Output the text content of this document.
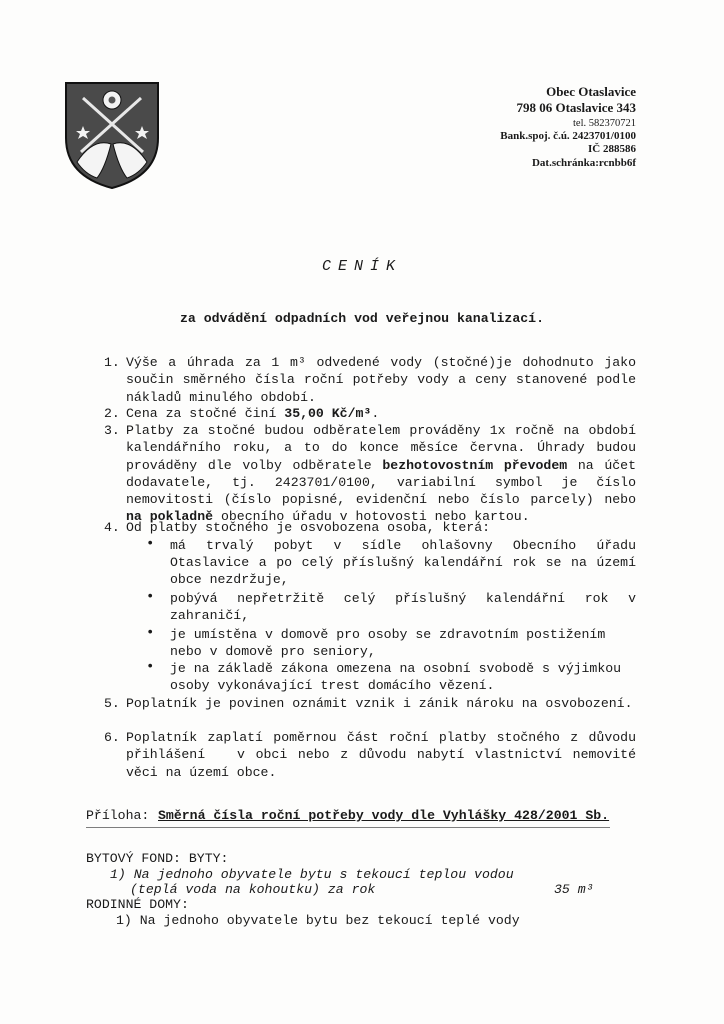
Obec Otaslavice
798 06 Otaslavice 343
tel. 582370721
Bank.spoj. č.ú. 2423701/0100
IČ 288586
Dat.schránka:rcnbb6f
CENÍK
za odvádění odpadních vod veřejnou kanalizací.
1. Výše a úhrada za 1 m³ odvedené vody (stočné)je dohodnuto jako součin směrného čísla roční potřeby vody a ceny stanovené podle nákladů minulého období.
2. Cena za stočné činí 35,00 Kč/m³.
3. Platby za stočné budou odběratelem prováděny 1x ročně na období kalendářního roku, a to do konce měsíce června. Úhrady budou prováděny dle volby odběratele bezhotovostním převodem na účet dodavatele, tj. 2423701/0100, variabilní symbol je číslo nemovitosti (číslo popisné, evidenční nebo číslo parcely) nebo na pokladně obecního úřadu v hotovosti nebo kartou.
4. Od platby stočného je osvobozena osoba, která:
• má trvalý pobyt v sídle ohlašovny Obecního úřadu Otaslavice a po celý příslušný kalendářní rok se na území obce nezdržuje,
• pobývá nepřetržitě celý příslušný kalendářní rok v zahraničí,
• je umístěna v domově pro osoby se zdravotním postižením nebo v domově pro seniory,
• je na základě zákona omezena na osobní svobodě s výjimkou osoby vykonávající trest domácího vězení.
5. Poplatník je povinen oznámit vznik i zánik nároku na osvobození.
6. Poplatník zaplatí poměrnou část roční platby stočného z důvodu přihlášení   v obci nebo z důvodu nabytí vlastnictví nemovité věci na území obce.
Příloha: Směrná čísla roční potřeby vody dle Vyhlášky 428/2001 Sb.
BYTOVÝ FOND: BYTY:
1) Na jednoho obyvatele bytu s tekoucí teplou vodou
(teplá voda na kohoutku) za rok	35 m³
RODINNÉ DOMY:
1) Na jednoho obyvatele bytu bez tekoucí teplé vody
